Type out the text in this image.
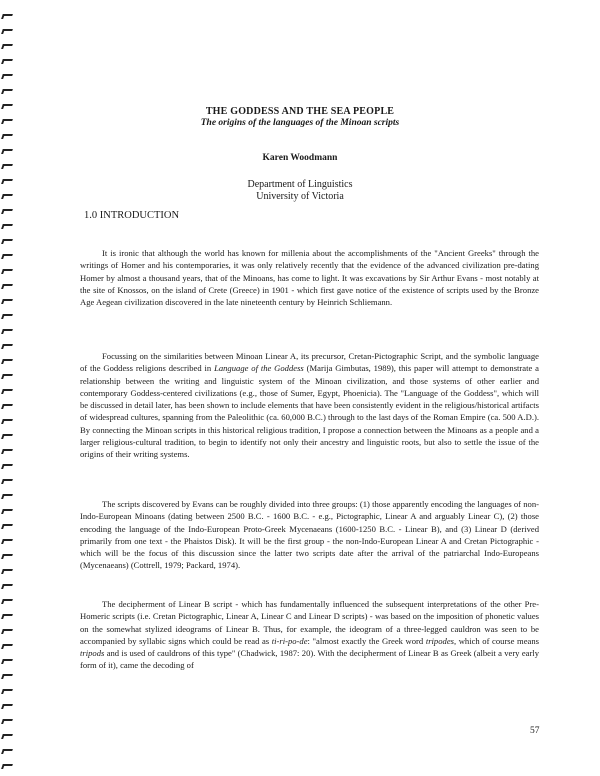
THE GODDESS AND THE SEA PEOPLE
The origins of the languages of the Minoan scripts
Karen Woodmann
Department of Linguistics
University of Victoria
1.0 INTRODUCTION

It is ironic that although the world has known for millenia about the accomplishments of the "Ancient Greeks" through the writings of Homer and his contemporaries, it was only relatively recently that the evidence of the advanced civilization pre-dating Homer by almost a thousand years, that of the Minoans, has come to light. It was excavations by Sir Arthur Evans - most notably at the site of Knossos, on the island of Crete (Greece) in 1901 - which first gave notice of the existence of scripts used by the Bronze Age Aegean civilization discovered in the late nineteenth century by Heinrich Schliemann.

Focussing on the similarities between Minoan Linear A, its precursor, Cretan-Pictographic Script, and the symbolic language of the Goddess religions described in Language of the Goddess (Marija Gimbutas, 1989), this paper will attempt to demonstrate a relationship between the writing and linguistic system of the Minoan civilization, and those systems of other earlier and contemporary Goddess-centered civilizations (e.g., those of Sumer, Egypt, Phoenicia). The "Language of the Goddess", which will be discussed in detail later, has been shown to include elements that have been consistently evident in the religious/historical artifacts of widespread cultures, spanning from the Paleolithic (ca. 60,000 B.C.) through to the last days of the Roman Empire (ca. 500 A.D.). By connecting the Minoan scripts in this historical religious tradition, I propose a connection between the Minoans as a people and a larger religious-cultural tradition, to begin to identify not only their ancestry and linguistic roots, but also to settle the issue of the origins of their writing systems.

The scripts discovered by Evans can be roughly divided into three groups: (1) those apparently encoding the languages of non-Indo-European Minoans (dating between 2500 B.C. - 1600 B.C. - e.g., Pictographic, Linear A and arguably Linear C), (2) those encoding the language of the Indo-European Proto-Greek Mycenaeans (1600-1250 B.C. - Linear B), and (3) Linear D (derived primarily from one text - the Phaistos Disk). It will be the first group - the non-Indo-European Linear A and Cretan Pictographic - which will be the focus of this discussion since the latter two scripts date after the arrival of the patriarchal Indo-Europeans (Mycenaeans) (Cottrell, 1979; Packard, 1974).

The decipherment of Linear B script - which has fundamentally influenced the subsequent interpretations of the other Pre-Homeric scripts (i.e. Cretan Pictographic, Linear A, Linear C and Linear D scripts) - was based on the imposition of phonetic values on the somewhat stylized ideograms of Linear B. Thus, for example, the ideogram of a three-legged cauldron was seen to be accompanied by syllabic signs which could be read as ti-ri-po-de: "almost exactly the Greek word tripodes, which of course means tripods and is used of cauldrons of this type" (Chadwick, 1987: 20). With the decipherment of Linear B as Greek (albeit a very early form of it), came the decoding of

57
